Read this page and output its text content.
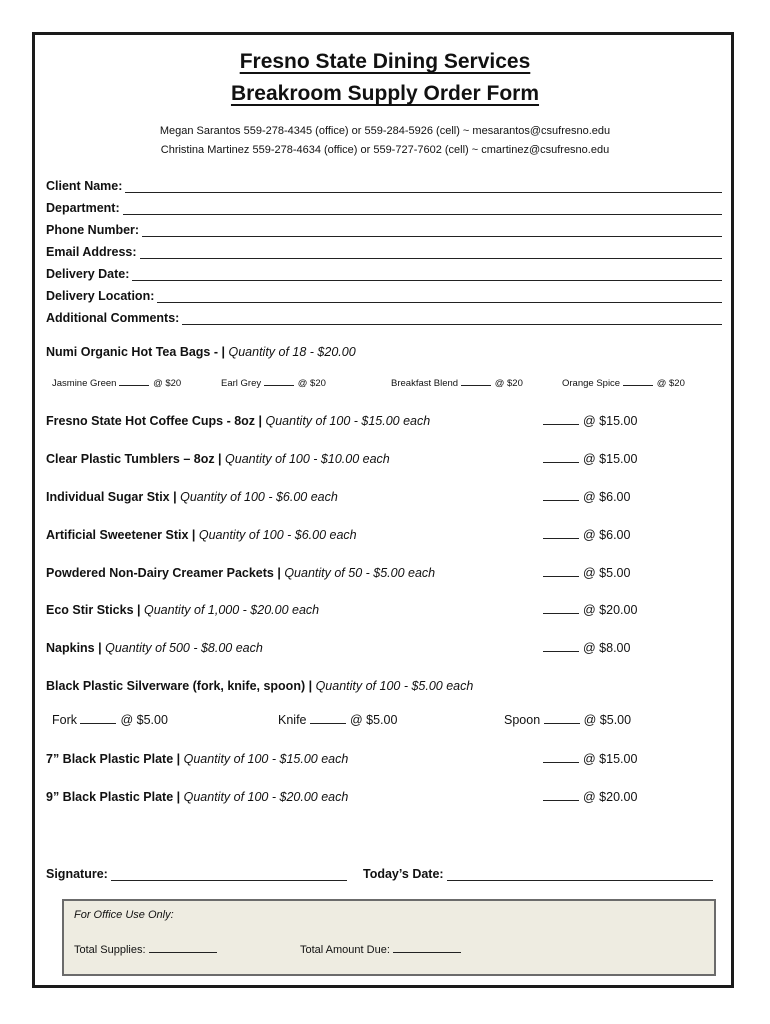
Fresno State Dining Services
Breakroom Supply Order Form
Megan Sarantos 559-278-4345 (office) or 559-284-5926 (cell) ~ mesarantos@csufresno.edu
Christina Martinez 559-278-4634 (office) or 559-727-7602 (cell) ~ cmartinez@csufresno.edu
Client Name:
Department:
Phone Number:
Email Address:
Delivery Date:
Delivery Location:
Additional Comments:
Numi Organic Hot Tea Bags - | Quantity of 18 - $20.00
Jasmine Green	@ $20	Earl Grey	@ $20	Breakfast Blend	@ $20	Orange Spice	@ $20
Fresno State Hot Coffee Cups - 8oz | Quantity of 100 - $15.00 each	@ $15.00
Clear Plastic Tumblers – 8oz | Quantity of 100 - $10.00 each	@ $15.00
Individual Sugar Stix | Quantity of 100 - $6.00 each	@ $6.00
Artificial Sweetener Stix | Quantity of 100 - $6.00 each	@ $6.00
Powdered Non-Dairy Creamer Packets | Quantity of 50 - $5.00 each	@ $5.00
Eco Stir Sticks | Quantity of 1,000 - $20.00 each	@ $20.00
Napkins | Quantity of 500 - $8.00 each	@ $8.00
Black Plastic Silverware (fork, knife, spoon) | Quantity of 100 - $5.00 each
Fork	@ $5.00	Knife	@ $5.00	Spoon	@ $5.00
7” Black Plastic Plate | Quantity of 100 - $15.00 each	@ $15.00
9” Black Plastic Plate | Quantity of 100 - $20.00 each	@ $20.00
Signature:	Today’s Date:
For Office Use Only:
Total Supplies:	Total Amount Due:
